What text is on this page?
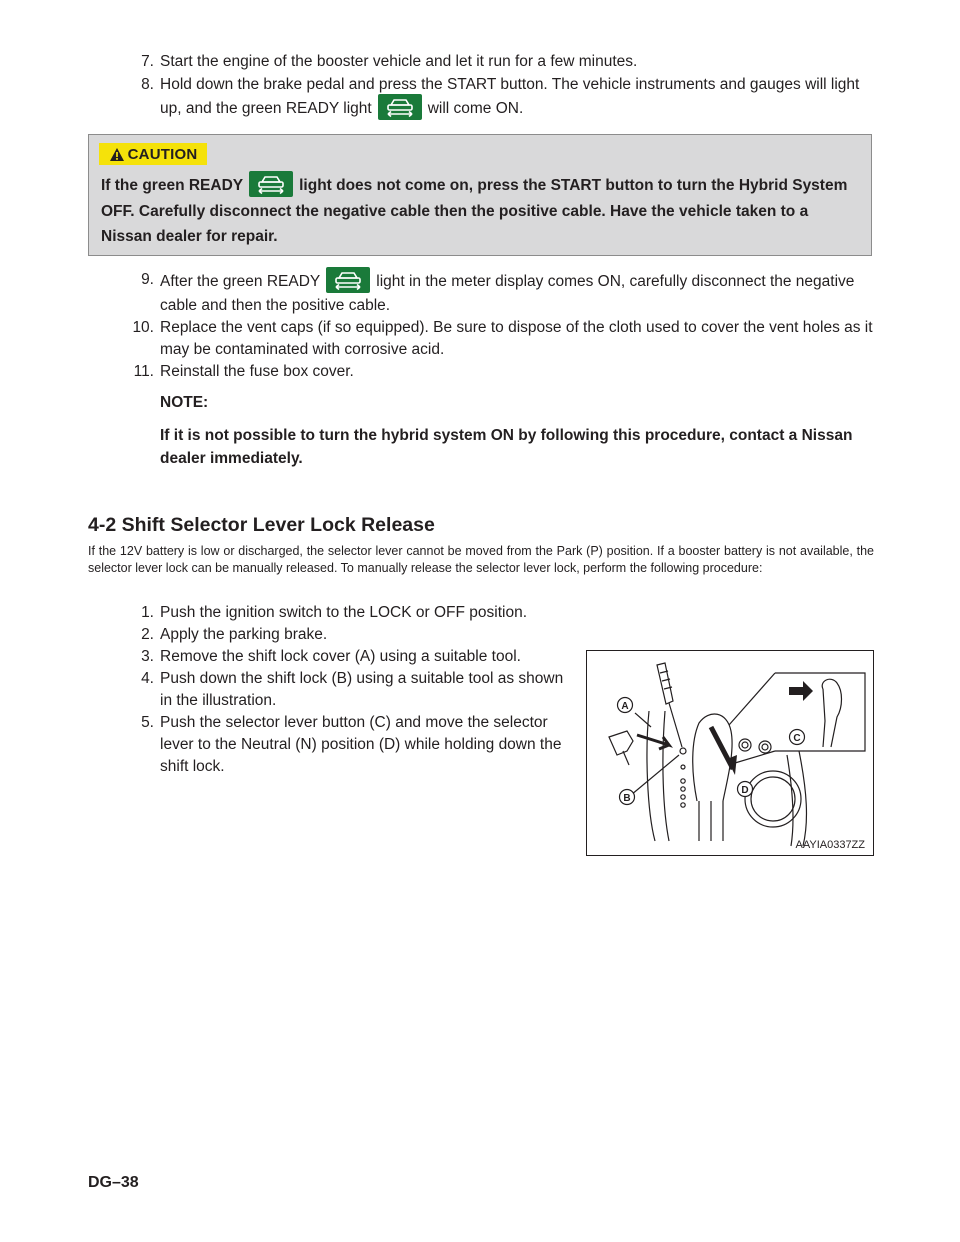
7. Start the engine of the booster vehicle and let it run for a few minutes.

8. Hold down the brake pedal and press the START button. The vehicle instruments and gauges will light up, and the green READY light	will come ON.

CAUTION
If the green READY	light does not come on, press the START button to turn the Hybrid System OFF. Carefully disconnect the negative cable then the positive cable. Have the vehicle taken to a Nissan dealer for repair.

9. After the green READY	light in the meter display comes ON, carefully disconnect the negative cable and then the positive cable.

10. Replace the vent caps (if so equipped). Be sure to dispose of the cloth used to cover the vent holes as it may be contaminated with corrosive acid.

11. Reinstall the fuse box cover.

NOTE:
If it is not possible to turn the hybrid system ON by following this procedure, contact a Nissan dealer immediately.
4-2 Shift Selector Lever Lock Release
If the 12V battery is low or discharged, the selector lever cannot be moved from the Park (P) position. If a booster battery is not available, the selector lever lock can be manually released. To manually release the selector lever lock, perform the following procedure:

1. Push the ignition switch to the LOCK or OFF position.

2. Apply the parking brake.

3. Remove the shift lock cover (A) using a suitable tool.

4. Push down the shift lock (B) using a suitable tool as shown in the illustration.

5. Push the selector lever button (C) and move the selector lever to the Neutral (N) position (D) while holding down the shift lock.

A
B
C
D
AAYIA0337ZZ
DG–38
